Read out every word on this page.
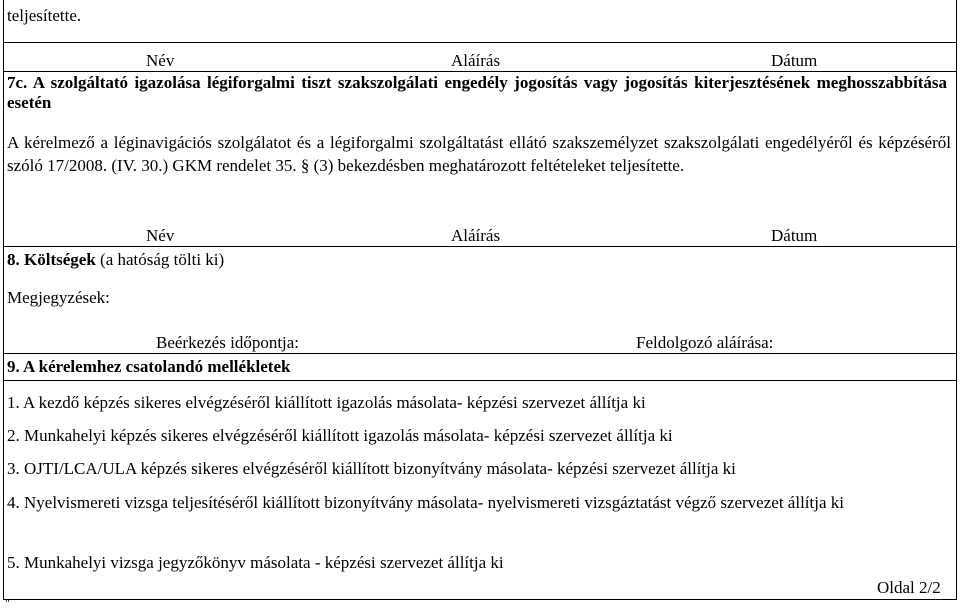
teljesítette.
Név	Aláírás	Dátum
7c. A szolgáltató igazolása légiforgalmi tiszt szakszolgálati engedély jogosítás vagy jogosítás kiterjesztésének meghosszabbítása esetén
A kérelmező a léginavigációs szolgálatot és a légiforgalmi szolgáltatást ellátó szakszemélyzet szakszolgálati engedélyéről és képzéséről szóló 17/2008. (IV. 30.) GKM rendelet 35. § (3) bekezdésben meghatározott feltételeket teljesítette.
Név	Aláírás	Dátum
8. Költségek (a hatóság tölti ki)
Megjegyzések:
Beérkezés időpontja:	Feldolgozó aláírása:
9. A kérelemhez csatolandó mellékletek
1. A kezdő képzés sikeres elvégzéséről kiállított igazolás másolata- képzési szervezet állítja ki
2. Munkahelyi képzés sikeres elvégzéséről kiállított igazolás másolata- képzési szervezet állítja ki
3. OJTI/LCA/ULA képzés sikeres elvégzéséről kiállított bizonyítvány másolata- képzési szervezet állítja ki
4. Nyelvismereti vizsga teljesítéséről kiállított bizonyítvány másolata- nyelvismereti vizsgáztatást végző szervezet állítja ki
5. Munkahelyi vizsga jegyzőkönyv másolata - képzési szervezet állítja ki
Oldal 2/2
"
